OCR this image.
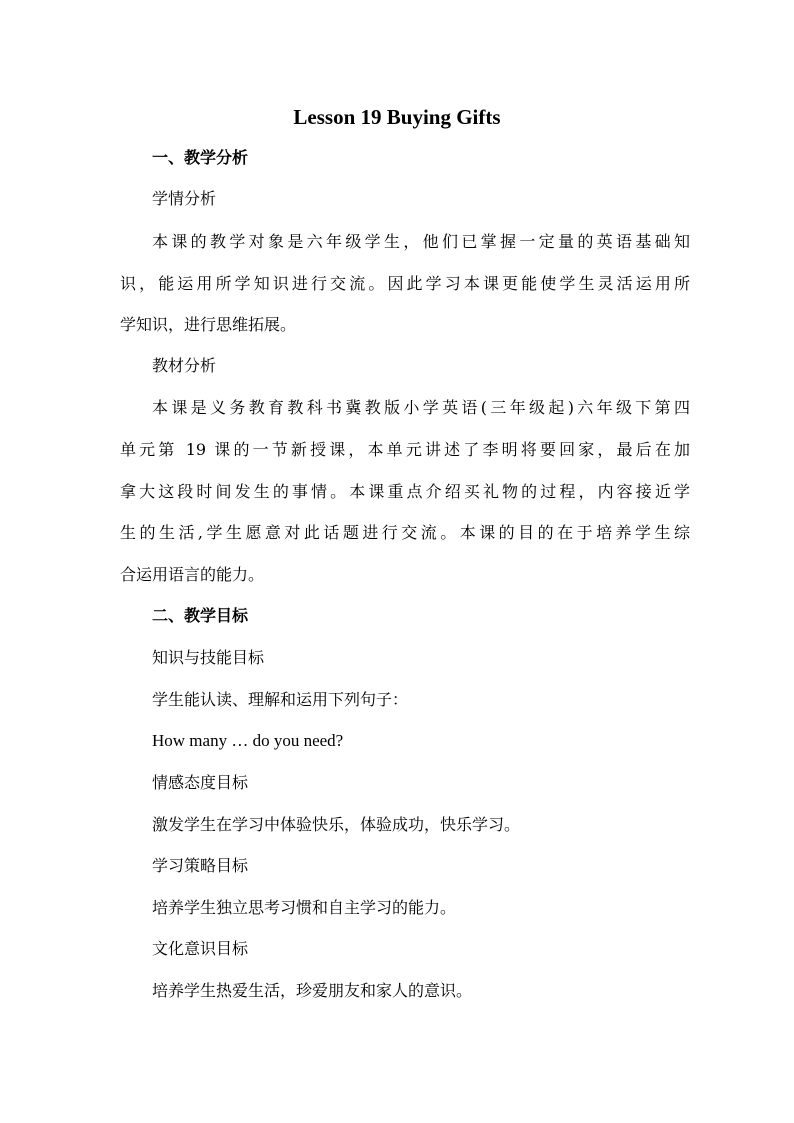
Lesson 19 Buying Gifts
一、教学分析
学情分析
本课的教学对象是六年级学生，他们已掌握一定量的英语基础知
识，能运用所学知识进行交流。因此学习本课更能使学生灵活运用所
学知识，进行思维拓展。
教材分析
本课是义务教育教科书冀教版小学英语(三年级起)六年级下第四
单元第 19 课的一节新授课，本单元讲述了李明将要回家，最后在加
拿大这段时间发生的事情。本课重点介绍买礼物的过程，内容接近学
生的生活,学生愿意对此话题进行交流。本课的目的在于培养学生综
合运用语言的能力。
二、教学目标
知识与技能目标
学生能认读、理解和运用下列句子：
How many … do you need?
情感态度目标
激发学生在学习中体验快乐，体验成功，快乐学习。
学习策略目标
培养学生独立思考习惯和自主学习的能力。
文化意识目标
培养学生热爱生活，珍爱朋友和家人的意识。
